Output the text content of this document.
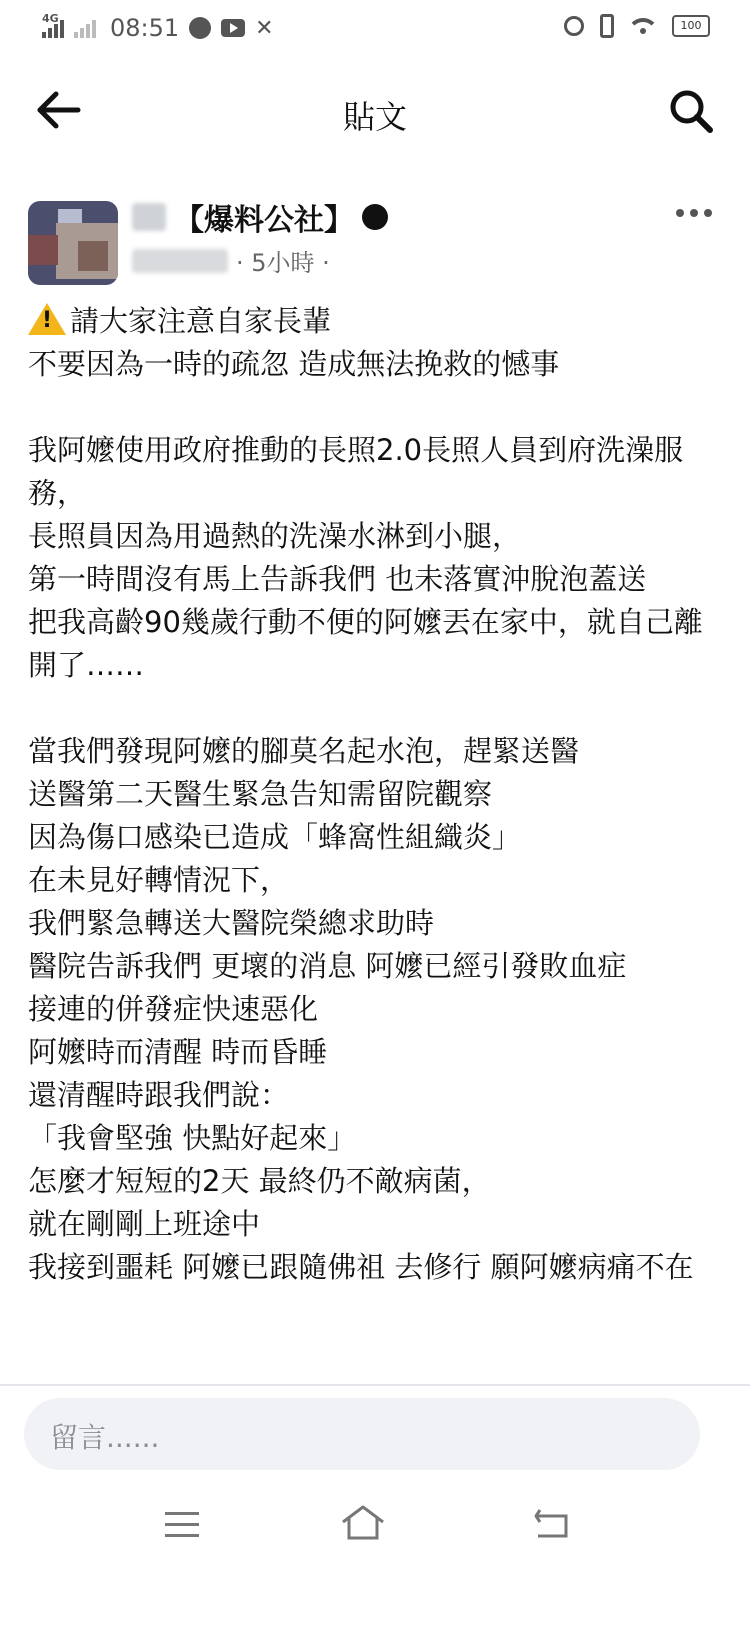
4G 08:51	✕	100
貼文
【爆料公社】
· 5小時 ·

!請大家注意自家長輩

不要因為一時的疏忽 造成無法挽救的憾事

我阿嬤使用政府推動的長照2.0長照人員到府洗澡服務，

長照員因為用過熱的洗澡水淋到小腿，

第一時間沒有馬上告訴我們 也未落實沖脫泡蓋送

把我高齡90幾歲行動不便的阿嬤丟在家中，就自己離開了……

當我們發現阿嬤的腳莫名起水泡，趕緊送醫

送醫第二天醫生緊急告知需留院觀察

因為傷口感染已造成「蜂窩性組織炎」

在未見好轉情況下，

我們緊急轉送大醫院榮總求助時

醫院告訴我們 更壞的消息 阿嬤已經引發敗血症

接連的併發症快速惡化

阿嬤時而清醒 時而昏睡

還清醒時跟我們說：

「我會堅強 快點好起來」

怎麼才短短的2天 最終仍不敵病菌，

就在剛剛上班途中

我接到噩耗 阿嬤已跟隨佛祖 去修行 願阿嬤病痛不在

留言......
